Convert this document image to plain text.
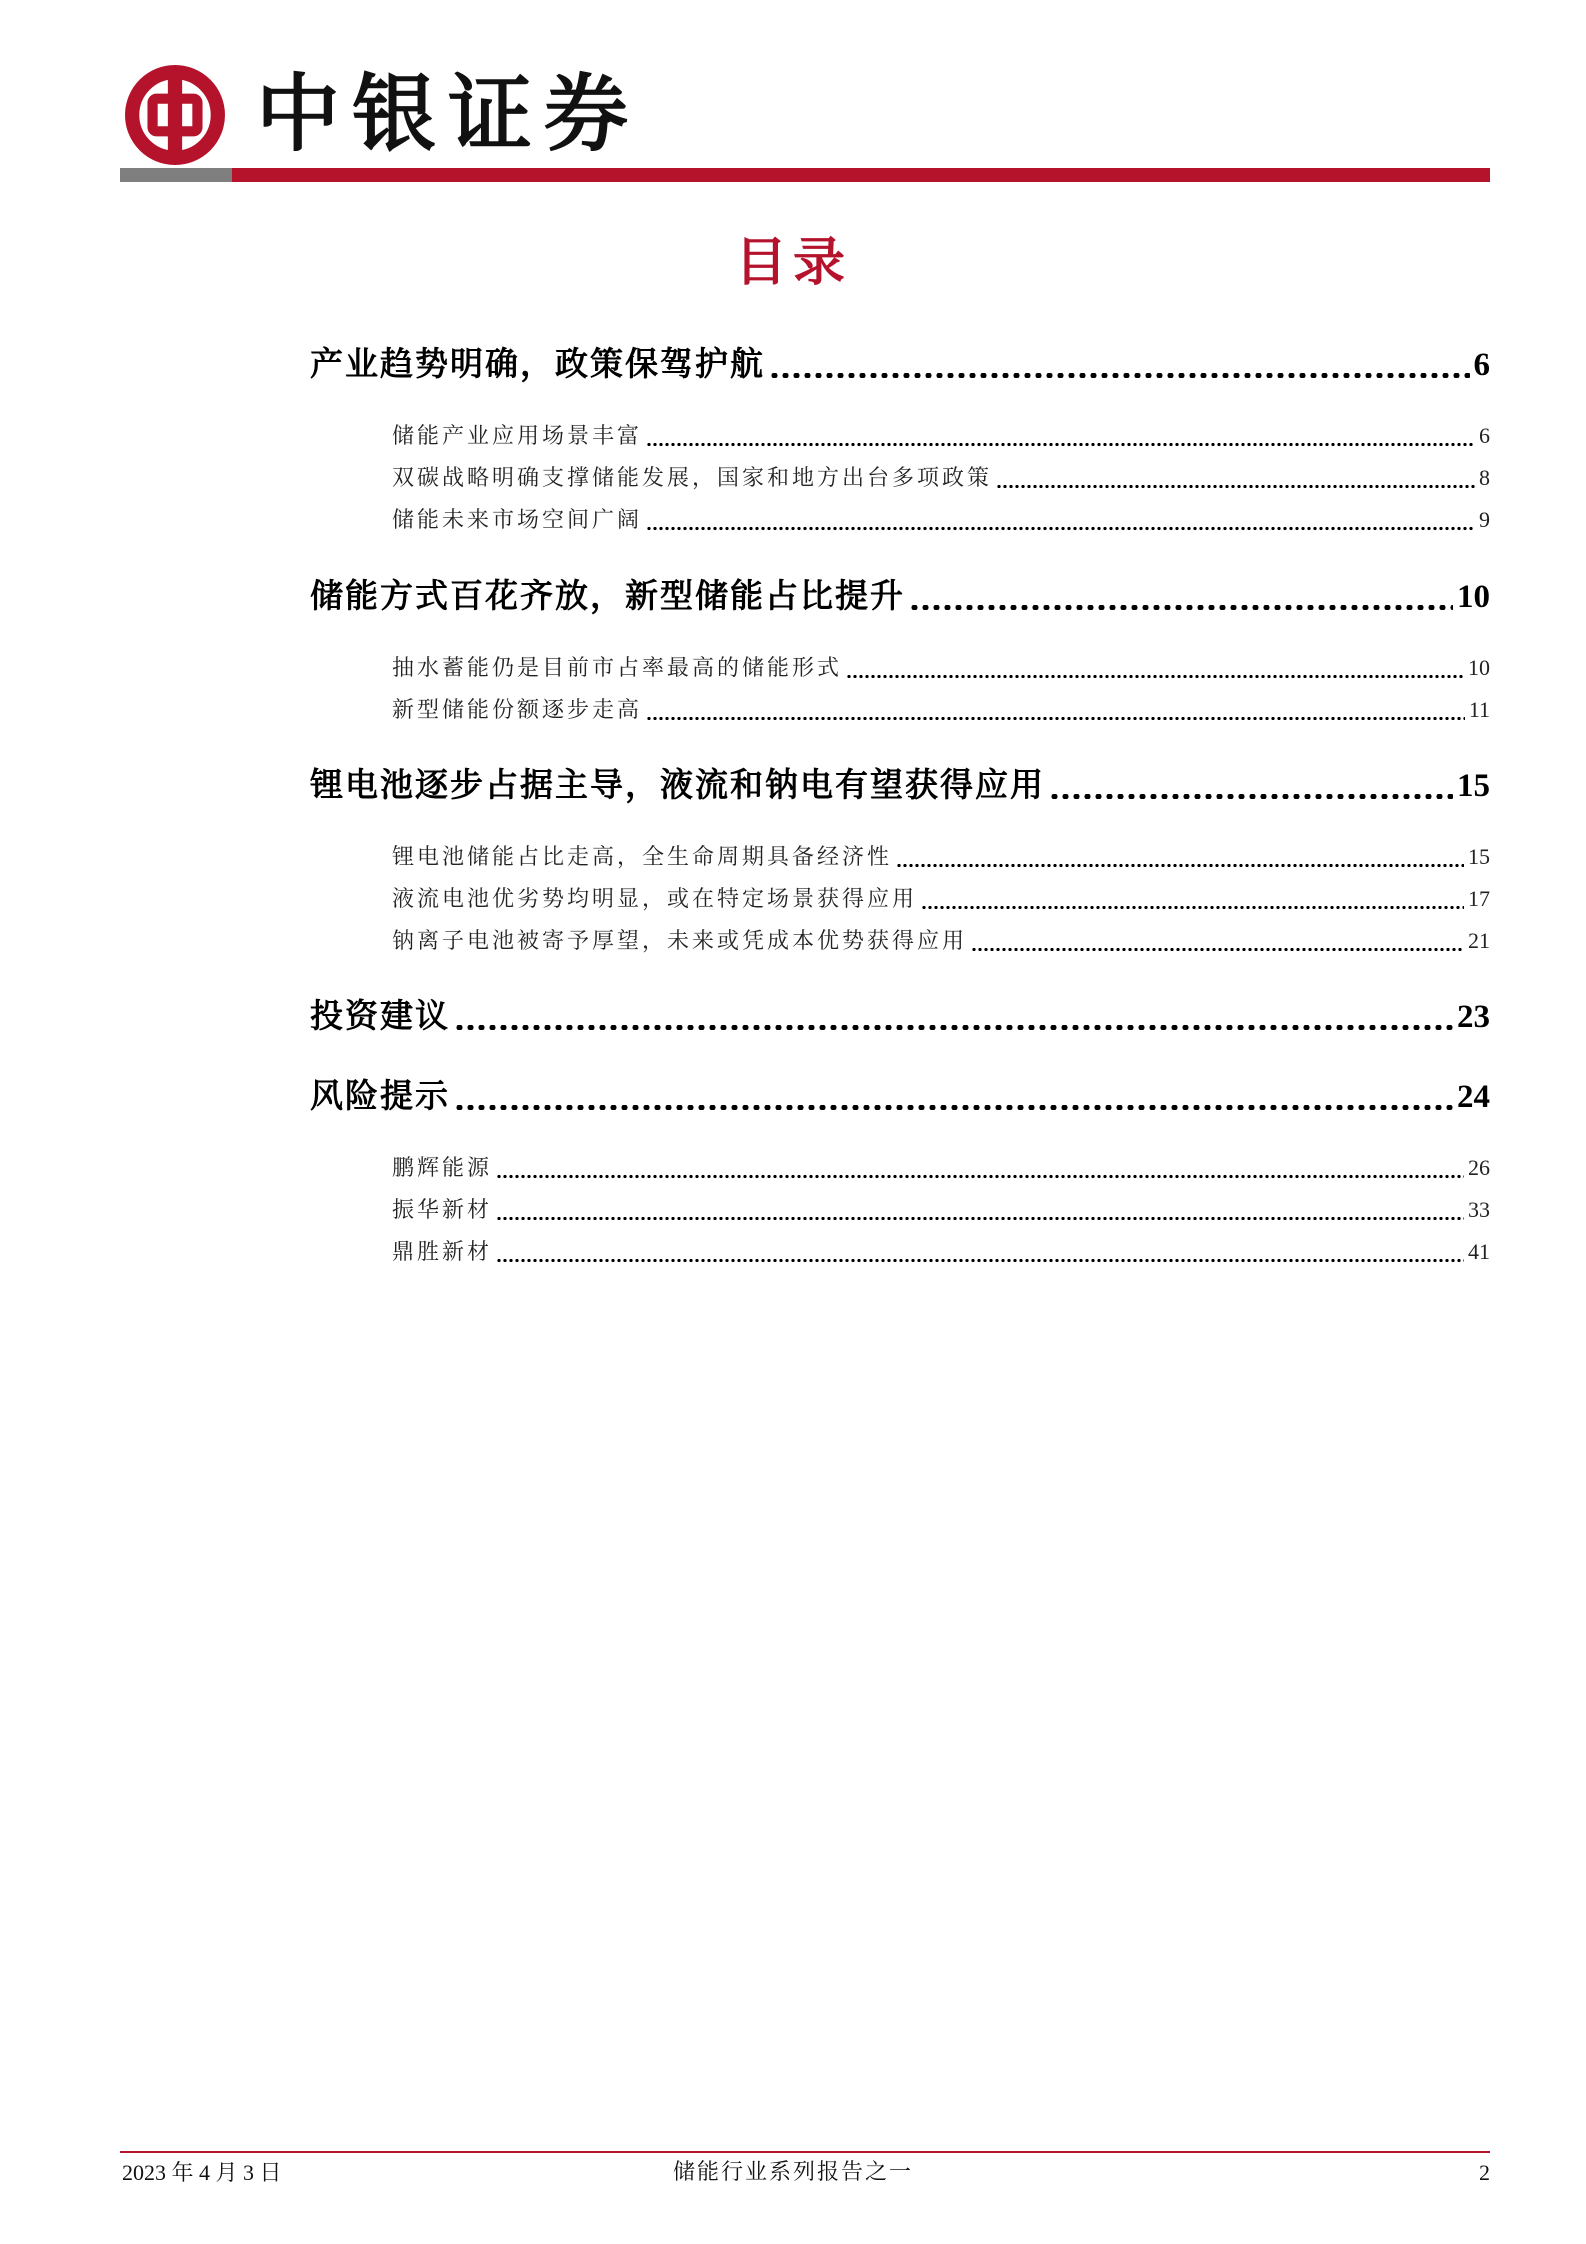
中银证券
目录
产业趋势明确，政策保驾护航	6
储能产业应用场景丰富	6
双碳战略明确支撑储能发展，国家和地方出台多项政策	8
储能未来市场空间广阔	9
储能方式百花齐放，新型储能占比提升	10
抽水蓄能仍是目前市占率最高的储能形式	10
新型储能份额逐步走高	11
锂电池逐步占据主导，液流和钠电有望获得应用	15
锂电池储能占比走高，全生命周期具备经济性	15
液流电池优劣势均明显，或在特定场景获得应用	17
钠离子电池被寄予厚望，未来或凭成本优势获得应用	21
投资建议	23
风险提示	24
鹏辉能源	26
振华新材	33
鼎胜新材	41
2023 年 4 月 3 日	储能行业系列报告之一	2
